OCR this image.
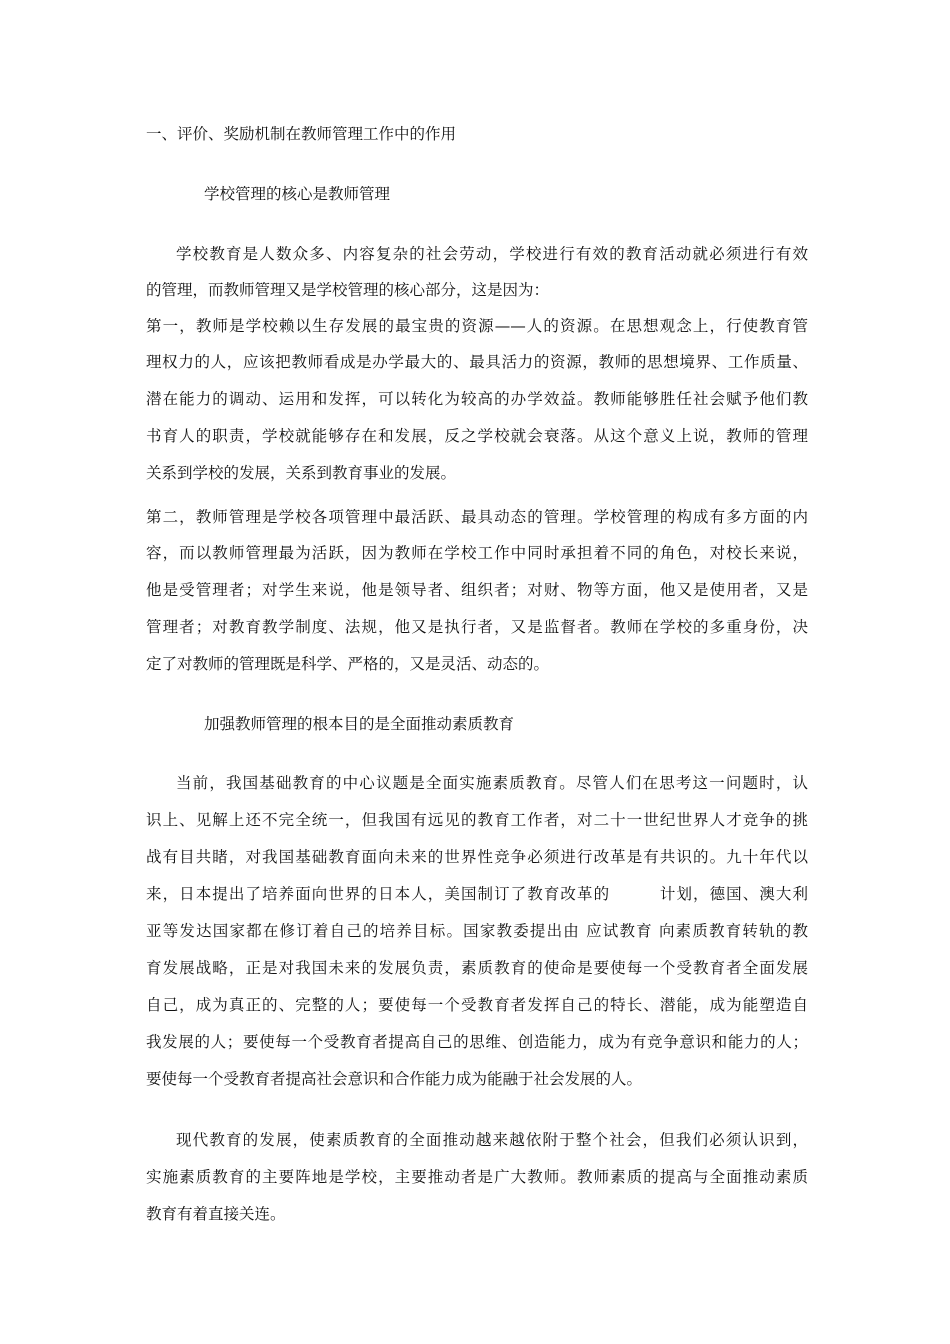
一、评价、奖励机制在教师管理工作中的作用
学校管理的核心是教师管理
学校教育是人数众多、内容复杂的社会劳动，学校进行有效的教育活动就必须进行有效
的管理，而教师管理又是学校管理的核心部分，这是因为：
第一，教师是学校赖以生存发展的最宝贵的资源——人的资源。在思想观念上，行使教育管
理权力的人，应该把教师看成是办学最大的、最具活力的资源，教师的思想境界、工作质量、
潜在能力的调动、运用和发挥，可以转化为较高的办学效益。教师能够胜任社会赋予他们教
书育人的职责，学校就能够存在和发展，反之学校就会衰落。从这个意义上说，教师的管理
关系到学校的发展，关系到教育事业的发展。
第二，教师管理是学校各项管理中最活跃、最具动态的管理。学校管理的构成有多方面的内
容，而以教师管理最为活跃，因为教师在学校工作中同时承担着不同的角色，对校长来说，
他是受管理者；对学生来说，他是领导者、组织者；对财、物等方面，他又是使用者，又是
管理者；对教育教学制度、法规，他又是执行者，又是监督者。教师在学校的多重身份，决
定了对教师的管理既是科学、严格的，又是灵活、动态的。
加强教师管理的根本目的是全面推动素质教育
当前，我国基础教育的中心议题是全面实施素质教育。尽管人们在思考这一问题时，认
识上、见解上还不完全统一，但我国有远见的教育工作者，对二十一世纪世界人才竞争的挑
战有目共睹，对我国基础教育面向未来的世界性竞争必须进行改革是有共识的。九十年代以
来，日本提出了培养面向世界的日本人，美国制订了教育改革的　　　计划，德国、澳大利
亚等发达国家都在修订着自己的培养目标。国家教委提出由 应试教育 向素质教育转轨的教
育发展战略，正是对我国未来的发展负责，素质教育的使命是要使每一个受教育者全面发展
自己，成为真正的、完整的人；要使每一个受教育者发挥自己的特长、潜能，成为能塑造自
我发展的人；要使每一个受教育者提高自己的思维、创造能力，成为有竞争意识和能力的人；
要使每一个受教育者提高社会意识和合作能力成为能融于社会发展的人。
现代教育的发展，使素质教育的全面推动越来越依附于整个社会，但我们必须认识到，
实施素质教育的主要阵地是学校，主要推动者是广大教师。教师素质的提高与全面推动素质
教育有着直接关连。
